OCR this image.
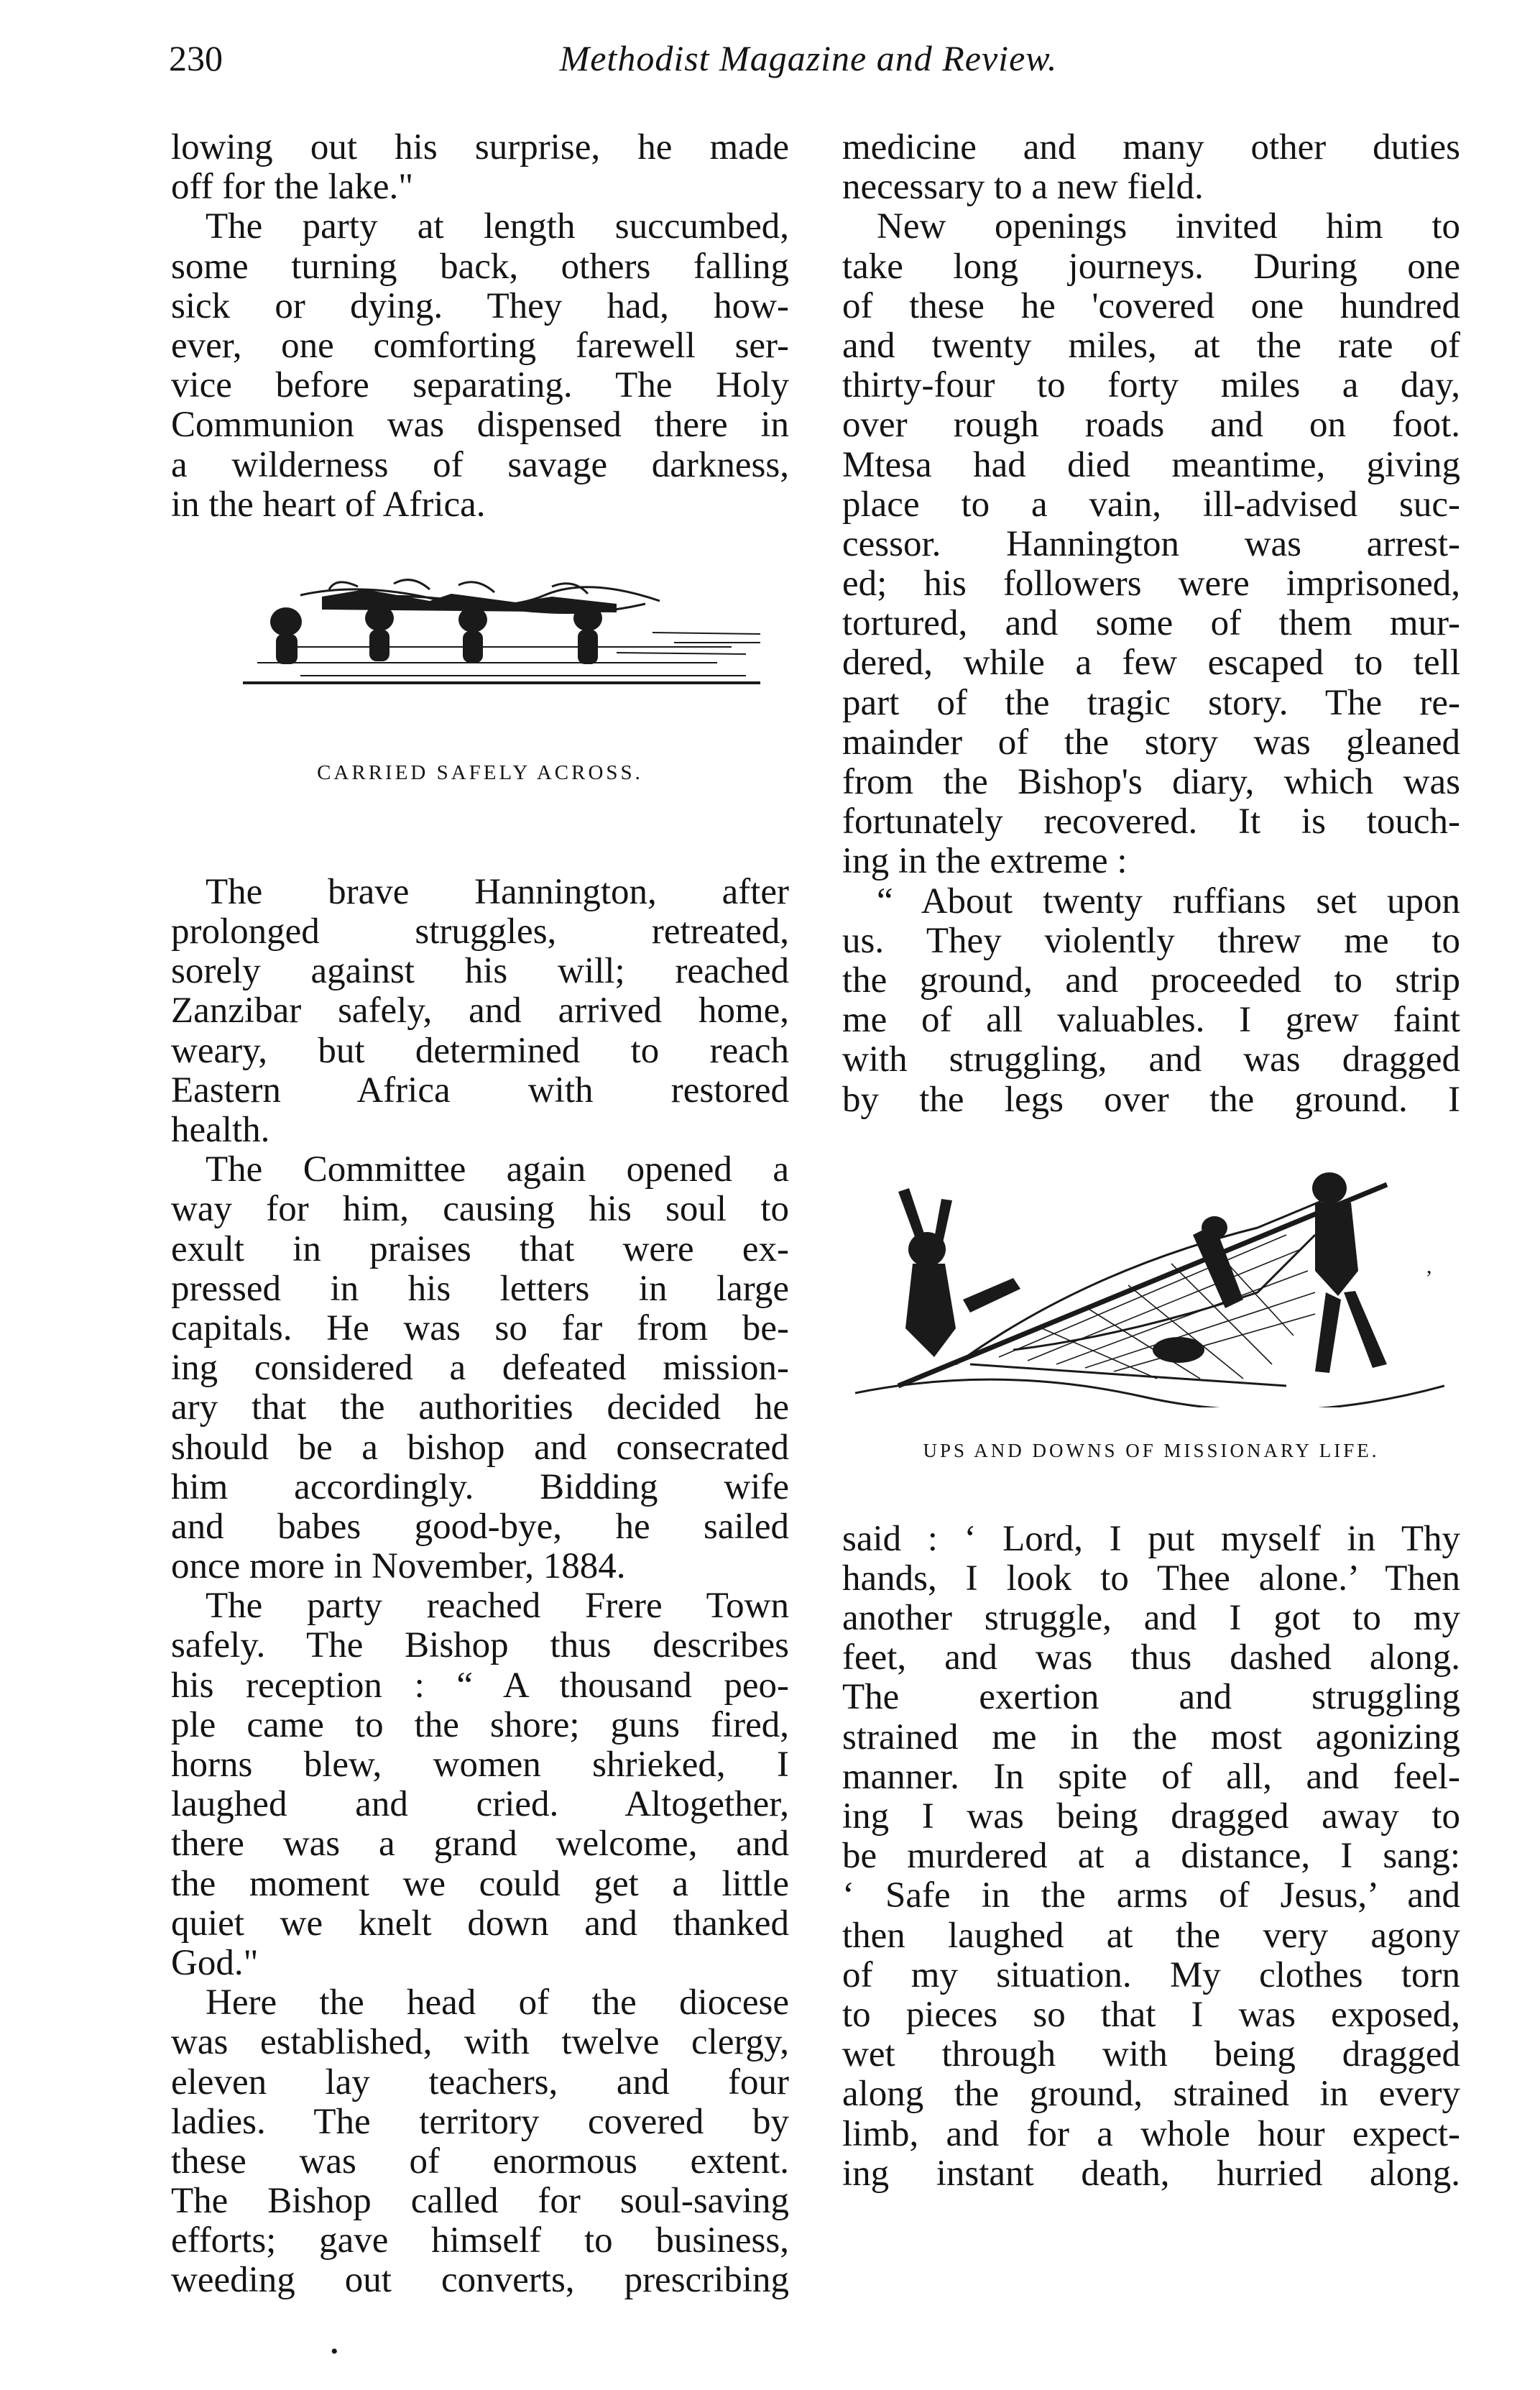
230	Methodist Magazine and Review.
lowing out his surprise, he made
off for the lake."
The party at length succumbed,
some turning back, others falling
sick or dying. They had, how-
ever, one comforting farewell ser-
vice before separating. The Holy
Communion was dispensed there in
a wilderness of savage darkness,
in the heart of Africa.
CARRIED SAFELY ACROSS.
The brave Hannington, after
prolonged struggles, retreated,
sorely against his will; reached
Zanzibar safely, and arrived home,
weary, but determined to reach
Eastern Africa with restored
health.
The Committee again opened a
way for him, causing his soul to
exult in praises that were ex-
pressed in his letters in large
capitals. He was so far from be-
ing considered a defeated mission-
ary that the authorities decided he
should be a bishop and consecrated
him accordingly. Bidding wife
and babes good-bye, he sailed
once more in November, 1884.
The party reached Frere Town
safely. The Bishop thus describes
his reception : “ A thousand peo-
ple came to the shore; guns fired,
horns blew, women shrieked, I
laughed and cried. Altogether,
there was a grand welcome, and
the moment we could get a little
quiet we knelt down and thanked
God."
Here the head of the diocese
was established, with twelve clergy,
eleven lay teachers, and four
ladies. The territory covered by
these was of enormous extent.
The Bishop called for soul-saving
efforts; gave himself to business,
weeding out converts, prescribing
medicine and many other duties
necessary to a new field.
New openings invited him to
take long journeys. During one
of these he 'covered one hundred
and twenty miles, at the rate of
thirty-four to forty miles a day,
over rough roads and on foot.
Mtesa had died meantime, giving
place to a vain, ill-advised suc-
cessor. Hannington was arrest-
ed; his followers were imprisoned,
tortured, and some of them mur-
dered, while a few escaped to tell
part of the tragic story. The re-
mainder of the story was gleaned
from the Bishop's diary, which was
fortunately recovered. It is touch-
ing in the extreme :
“ About twenty ruffians set upon
us. They violently threw me to
the ground, and proceeded to strip
me of all valuables. I grew faint
with struggling, and was dragged
by the legs over the ground. I
UPS AND DOWNS OF MISSIONARY LIFE.
said : ‘ Lord, I put myself in Thy
hands, I look to Thee alone.’ Then
another struggle, and I got to my
feet, and was thus dashed along.
The exertion and struggling
strained me in the most agonizing
manner. In spite of all, and feel-
ing I was being dragged away to
be murdered at a distance, I sang:
‘ Safe in the arms of Jesus,’ and
then laughed at the very agony
of my situation. My clothes torn
to pieces so that I was exposed,
wet through with being dragged
along the ground, strained in every
limb, and for a whole hour expect-
ing instant death, hurried along.
,
•
